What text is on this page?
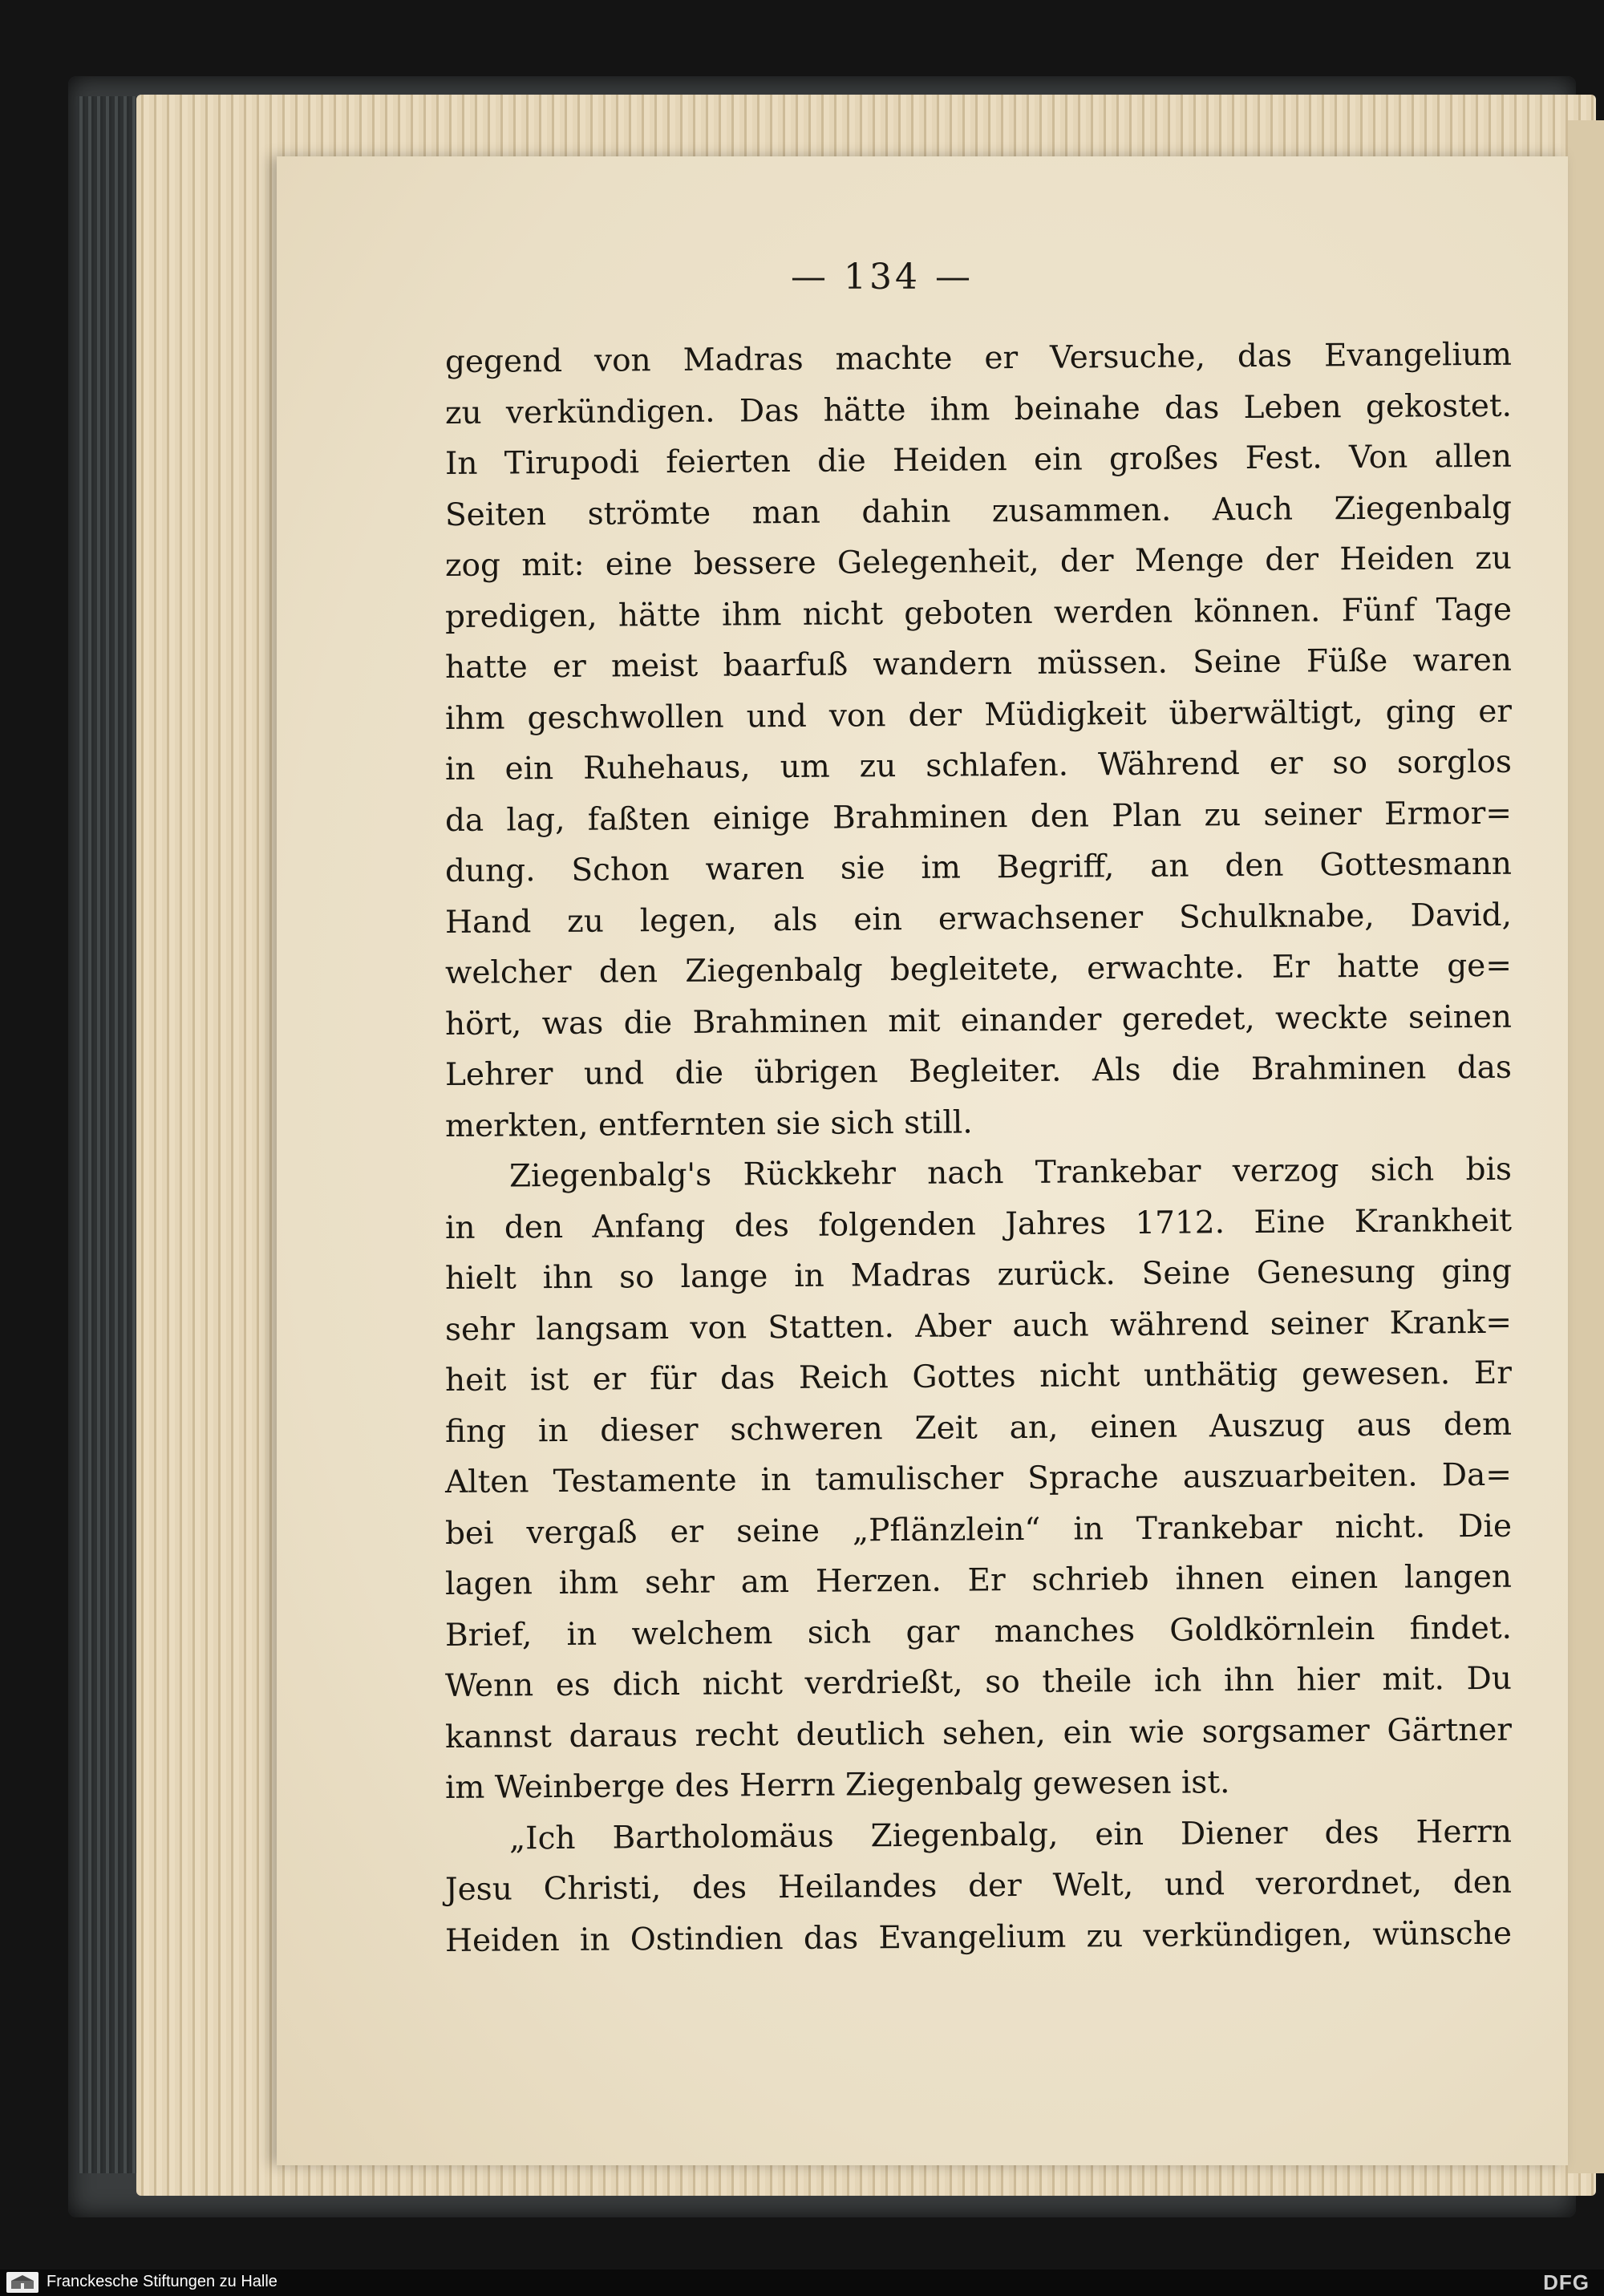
— 134 —
gegend von Madras machte er Versuche, das Evangelium
zu verkündigen. Das hätte ihm beinahe das Leben gekostet.
In Tirupodi feierten die Heiden ein großes Fest. Von allen
Seiten strömte man dahin zusammen. Auch Ziegenbalg
zog mit: eine bessere Gelegenheit, der Menge der Heiden zu
predigen, hätte ihm nicht geboten werden können. Fünf Tage
hatte er meist baarfuß wandern müssen. Seine Füße waren
ihm geschwollen und von der Müdigkeit überwältigt, ging er
in ein Ruhehaus, um zu schlafen. Während er so sorglos
da lag, faßten einige Brahminen den Plan zu seiner Ermor=
dung. Schon waren sie im Begriff, an den Gottesmann
Hand zu legen, als ein erwachsener Schulknabe, David,
welcher den Ziegenbalg begleitete, erwachte. Er hatte ge=
hört, was die Brahminen mit einander geredet, weckte seinen
Lehrer und die übrigen Begleiter. Als die Brahminen das
merkten, entfernten sie sich still.
Ziegenbalg's Rückkehr nach Trankebar verzog sich bis
in den Anfang des folgenden Jahres 1712. Eine Krankheit
hielt ihn so lange in Madras zurück. Seine Genesung ging
sehr langsam von Statten. Aber auch während seiner Krank=
heit ist er für das Reich Gottes nicht unthätig gewesen. Er
fing in dieser schweren Zeit an, einen Auszug aus dem
Alten Testamente in tamulischer Sprache auszuarbeiten. Da=
bei vergaß er seine „Pflänzlein“ in Trankebar nicht. Die
lagen ihm sehr am Herzen. Er schrieb ihnen einen langen
Brief, in welchem sich gar manches Goldkörnlein findet.
Wenn es dich nicht verdrießt, so theile ich ihn hier mit. Du
kannst daraus recht deutlich sehen, ein wie sorgsamer Gärtner
im Weinberge des Herrn Ziegenbalg gewesen ist.
„Ich Bartholomäus Ziegenbalg, ein Diener des Herrn
Jesu Christi, des Heilandes der Welt, und verordnet, den
Heiden in Ostindien das Evangelium zu verkündigen, wünsche
Franckesche Stiftungen zu Halle	DFG
